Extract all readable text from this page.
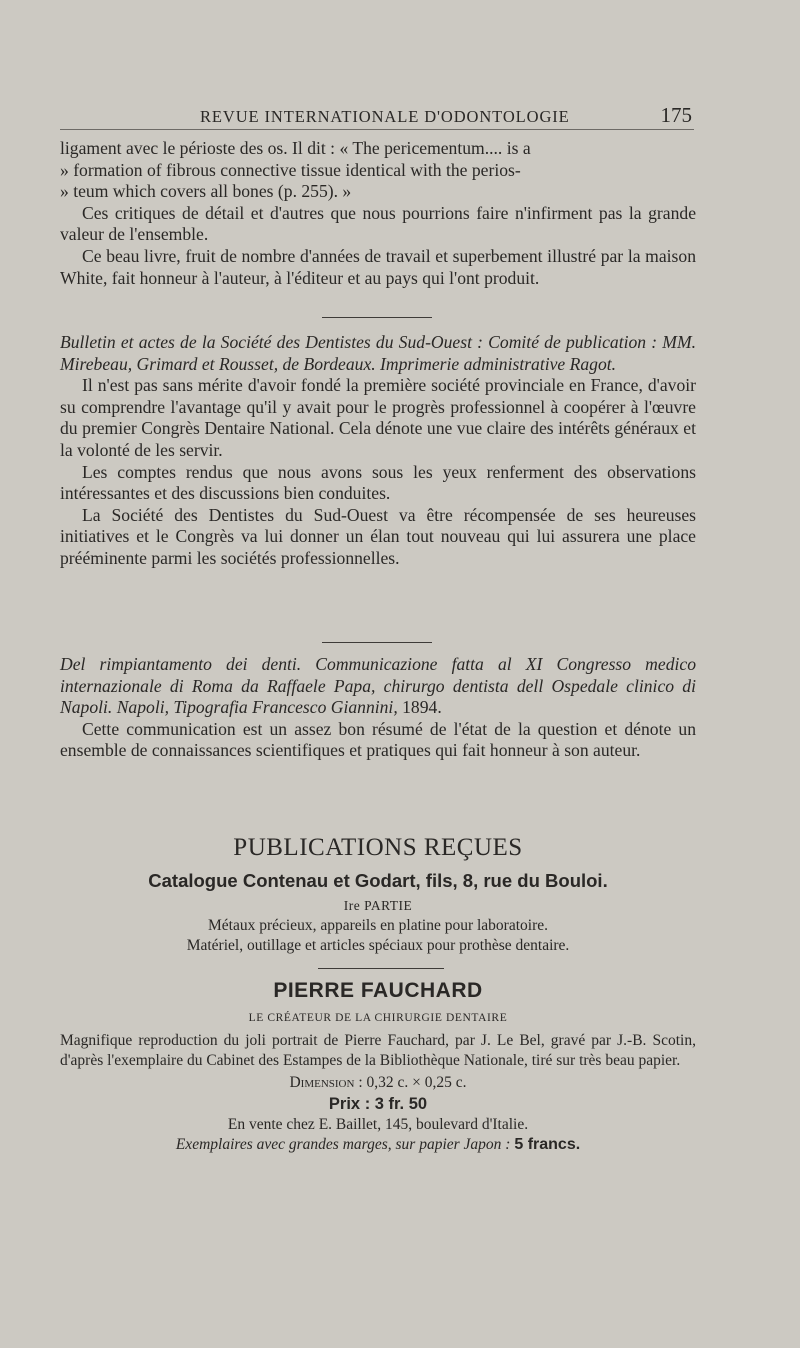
REVUE INTERNATIONALE D'ODONTOLOGIE	175

ligament avec le périoste des os. Il dit : « The pericementum.... is a

» formation of fibrous connective tissue identical with the perios-

» teum which covers all bones (p. 255). »

Ces critiques de détail et d'autres que nous pourrions faire n'infirment pas la grande valeur de l'ensemble.

Ce beau livre, fruit de nombre d'années de travail et superbement illustré par la maison White, fait honneur à l'auteur, à l'éditeur et au pays qui l'ont produit.

Bulletin et actes de la Société des Dentistes du Sud-Ouest : Comité de publication : MM. Mirebeau, Grimard et Rousset, de Bordeaux. Imprimerie administrative Ragot.

Il n'est pas sans mérite d'avoir fondé la première société provinciale en France, d'avoir su comprendre l'avantage qu'il y avait pour le progrès professionnel à coopérer à l'œuvre du premier Congrès Dentaire National. Cela dénote une vue claire des intérêts généraux et la volonté de les servir.

Les comptes rendus que nous avons sous les yeux renferment des observations intéressantes et des discussions bien conduites.

La Société des Dentistes du Sud-Ouest va être récompensée de ses heureuses initiatives et le Congrès va lui donner un élan tout nouveau qui lui assurera une place prééminente parmi les sociétés professionnelles.

Del rimpiantamento dei denti. Communicazione fatta al XI Congresso medico internazionale di Roma da Raffaele Papa, chirurgo dentista dell Ospedale clinico di Napoli. Napoli, Tipografia Francesco Giannini, 1894.

Cette communication est un assez bon résumé de l'état de la question et dénote un ensemble de connaissances scientifiques et pratiques qui fait honneur à son auteur.

PUBLICATIONS REÇUES
Catalogue Contenau et Godart, fils, 8, rue du Bouloi.
Ire PARTIE
Métaux précieux, appareils en platine pour laboratoire.
Matériel, outillage et articles spéciaux pour prothèse dentaire.
PIERRE FAUCHARD
LE CRÉATEUR DE LA CHIRURGIE DENTAIRE
Magnifique reproduction du joli portrait de Pierre Fauchard, par J. Le Bel, gravé par J.-B. Scotin, d'après l'exemplaire du Cabinet des Estampes de la Bibliothèque Nationale, tiré sur très beau papier.
Dimension : 0,32 c. × 0,25 c.
Prix : 3 fr. 50
En vente chez E. Baillet, 145, boulevard d'Italie.
Exemplaires avec grandes marges, sur papier Japon : 5 francs.
